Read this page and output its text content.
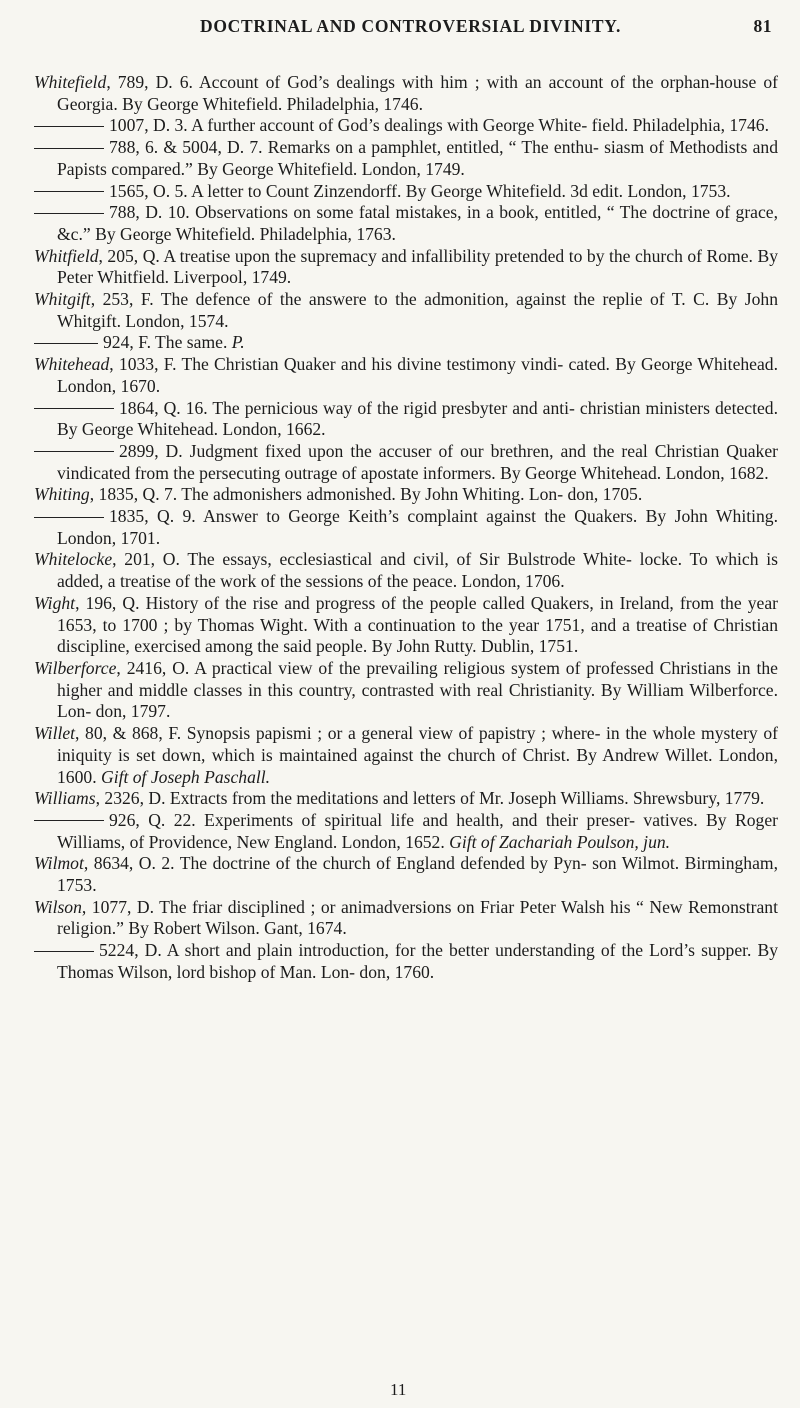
DOCTRINAL AND CONTROVERSIAL DIVINITY.	81

Whitefield, 789, D. 6. Account of God’s dealings with him ; with an account of the orphan-house of Georgia. By George Whitefield. Philadelphia, 1746.

1007, D. 3. A further account of God’s dealings with George White- field. Philadelphia, 1746.

788, 6. & 5004, D. 7. Remarks on a pamphlet, entitled, “ The enthu- siasm of Methodists and Papists compared.” By George Whitefield. London, 1749.

1565, O. 5. A letter to Count Zinzendorff. By George Whitefield. 3d edit. London, 1753.

788, D. 10. Observations on some fatal mistakes, in a book, entitled, “ The doctrine of grace, &c.” By George Whitefield. Philadelphia, 1763.

Whitfield, 205, Q. A treatise upon the supremacy and infallibility pretended to by the church of Rome. By Peter Whitfield. Liverpool, 1749.

Whitgift, 253, F. The defence of the answere to the admonition, against the replie of T. C. By John Whitgift. London, 1574.

924, F. The same. P.

Whitehead, 1033, F. The Christian Quaker and his divine testimony vindi- cated. By George Whitehead. London, 1670.

1864, Q. 16. The pernicious way of the rigid presbyter and anti- christian ministers detected. By George Whitehead. London, 1662.

2899, D. Judgment fixed upon the accuser of our brethren, and the real Christian Quaker vindicated from the persecuting outrage of apostate informers. By George Whitehead. London, 1682.

Whiting, 1835, Q. 7. The admonishers admonished. By John Whiting. Lon- don, 1705.

1835, Q. 9. Answer to George Keith’s complaint against the Quakers. By John Whiting. London, 1701.

Whitelocke, 201, O. The essays, ecclesiastical and civil, of Sir Bulstrode White- locke. To which is added, a treatise of the work of the sessions of the peace. London, 1706.

Wight, 196, Q. History of the rise and progress of the people called Quakers, in Ireland, from the year 1653, to 1700 ; by Thomas Wight. With a continuation to the year 1751, and a treatise of Christian discipline, exercised among the said people. By John Rutty. Dublin, 1751.

Wilberforce, 2416, O. A practical view of the prevailing religious system of professed Christians in the higher and middle classes in this country, contrasted with real Christianity. By William Wilberforce. Lon- don, 1797.

Willet, 80, & 868, F. Synopsis papismi ; or a general view of papistry ; where- in the whole mystery of iniquity is set down, which is maintained against the church of Christ. By Andrew Willet. London, 1600. Gift of Joseph Paschall.

Williams, 2326, D. Extracts from the meditations and letters of Mr. Joseph Williams. Shrewsbury, 1779.

926, Q. 22. Experiments of spiritual life and health, and their preser- vatives. By Roger Williams, of Providence, New England. London, 1652. Gift of Zachariah Poulson, jun.

Wilmot, 8634, O. 2. The doctrine of the church of England defended by Pyn- son Wilmot. Birmingham, 1753.

Wilson, 1077, D. The friar disciplined ; or animadversions on Friar Peter Walsh his “ New Remonstrant religion.” By Robert Wilson. Gant, 1674.

5224, D. A short and plain introduction, for the better understanding of the Lord’s supper. By Thomas Wilson, lord bishop of Man. Lon- don, 1760.

11
